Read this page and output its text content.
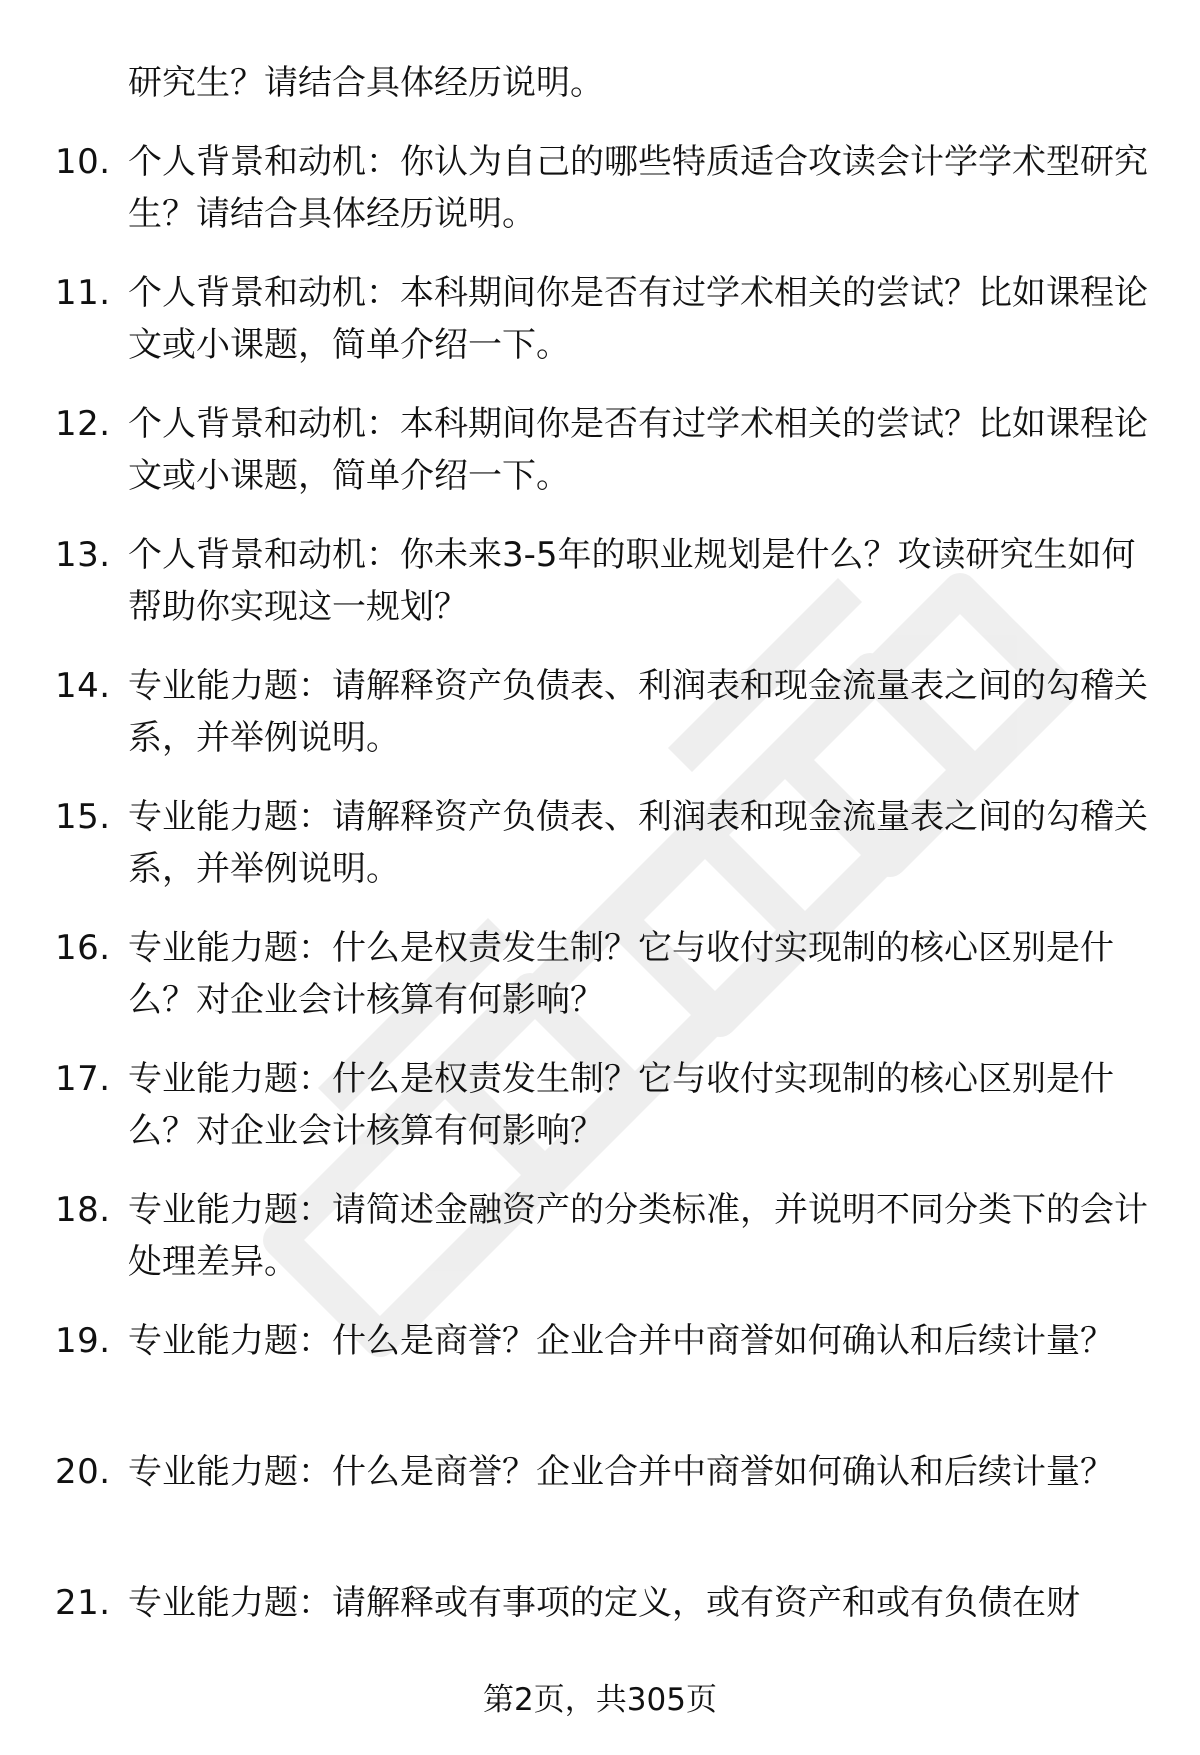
研究生？请结合具体经历说明。
10. 个人背景和动机：你认为自己的哪些特质适合攻读会计学学术型研究生？请结合具体经历说明。
11. 个人背景和动机：本科期间你是否有过学术相关的尝试？比如课程论文或小课题，简单介绍一下。
12. 个人背景和动机：本科期间你是否有过学术相关的尝试？比如课程论文或小课题，简单介绍一下。
13. 个人背景和动机：你未来3-5年的职业规划是什么？攻读研究生如何帮助你实现这一规划？
14. 专业能力题：请解释资产负债表、利润表和现金流量表之间的勾稽关系，并举例说明。
15. 专业能力题：请解释资产负债表、利润表和现金流量表之间的勾稽关系，并举例说明。
16. 专业能力题：什么是权责发生制？它与收付实现制的核心区别是什么？对企业会计核算有何影响？
17. 专业能力题：什么是权责发生制？它与收付实现制的核心区别是什么？对企业会计核算有何影响？
18. 专业能力题：请简述金融资产的分类标准，并说明不同分类下的会计处理差异。
19. 专业能力题：什么是商誉？企业合并中商誉如何确认和后续计量？
20. 专业能力题：什么是商誉？企业合并中商誉如何确认和后续计量？
21. 专业能力题：请解释或有事项的定义，或有资产和或有负债在财
第2页，共305页
